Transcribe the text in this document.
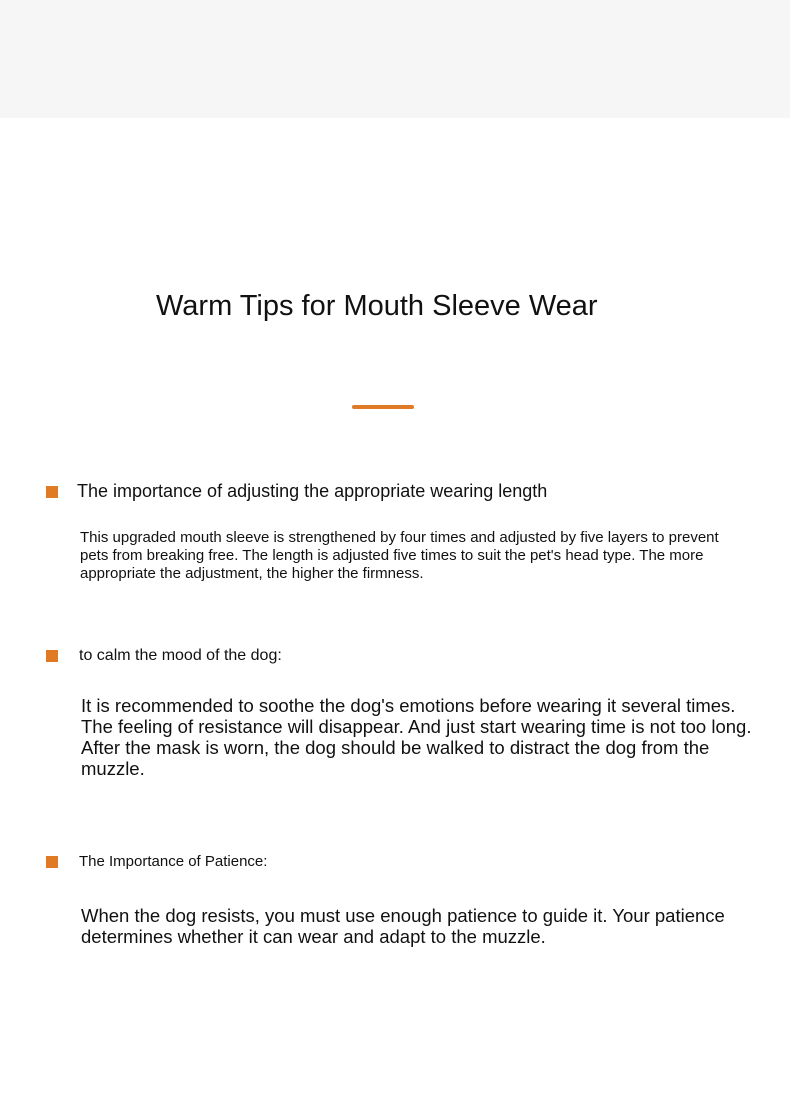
Warm Tips for Mouth Sleeve Wear
The importance of adjusting the appropriate wearing length

This upgraded mouth sleeve is strengthened by four times and adjusted by five layers to prevent pets from breaking free. The length is adjusted five times to suit the pet's head type. The more appropriate the adjustment, the higher the firmness.

to calm the mood of the dog:

It is recommended to soothe the dog's emotions before wearing it several times. The feeling of resistance will disappear. And just start wearing time is not too long. After the mask is worn, the dog should be walked to distract the dog from the muzzle.

The Importance of Patience:

When the dog resists, you must use enough patience to guide it. Your patience determines whether it can wear and adapt to the muzzle.
